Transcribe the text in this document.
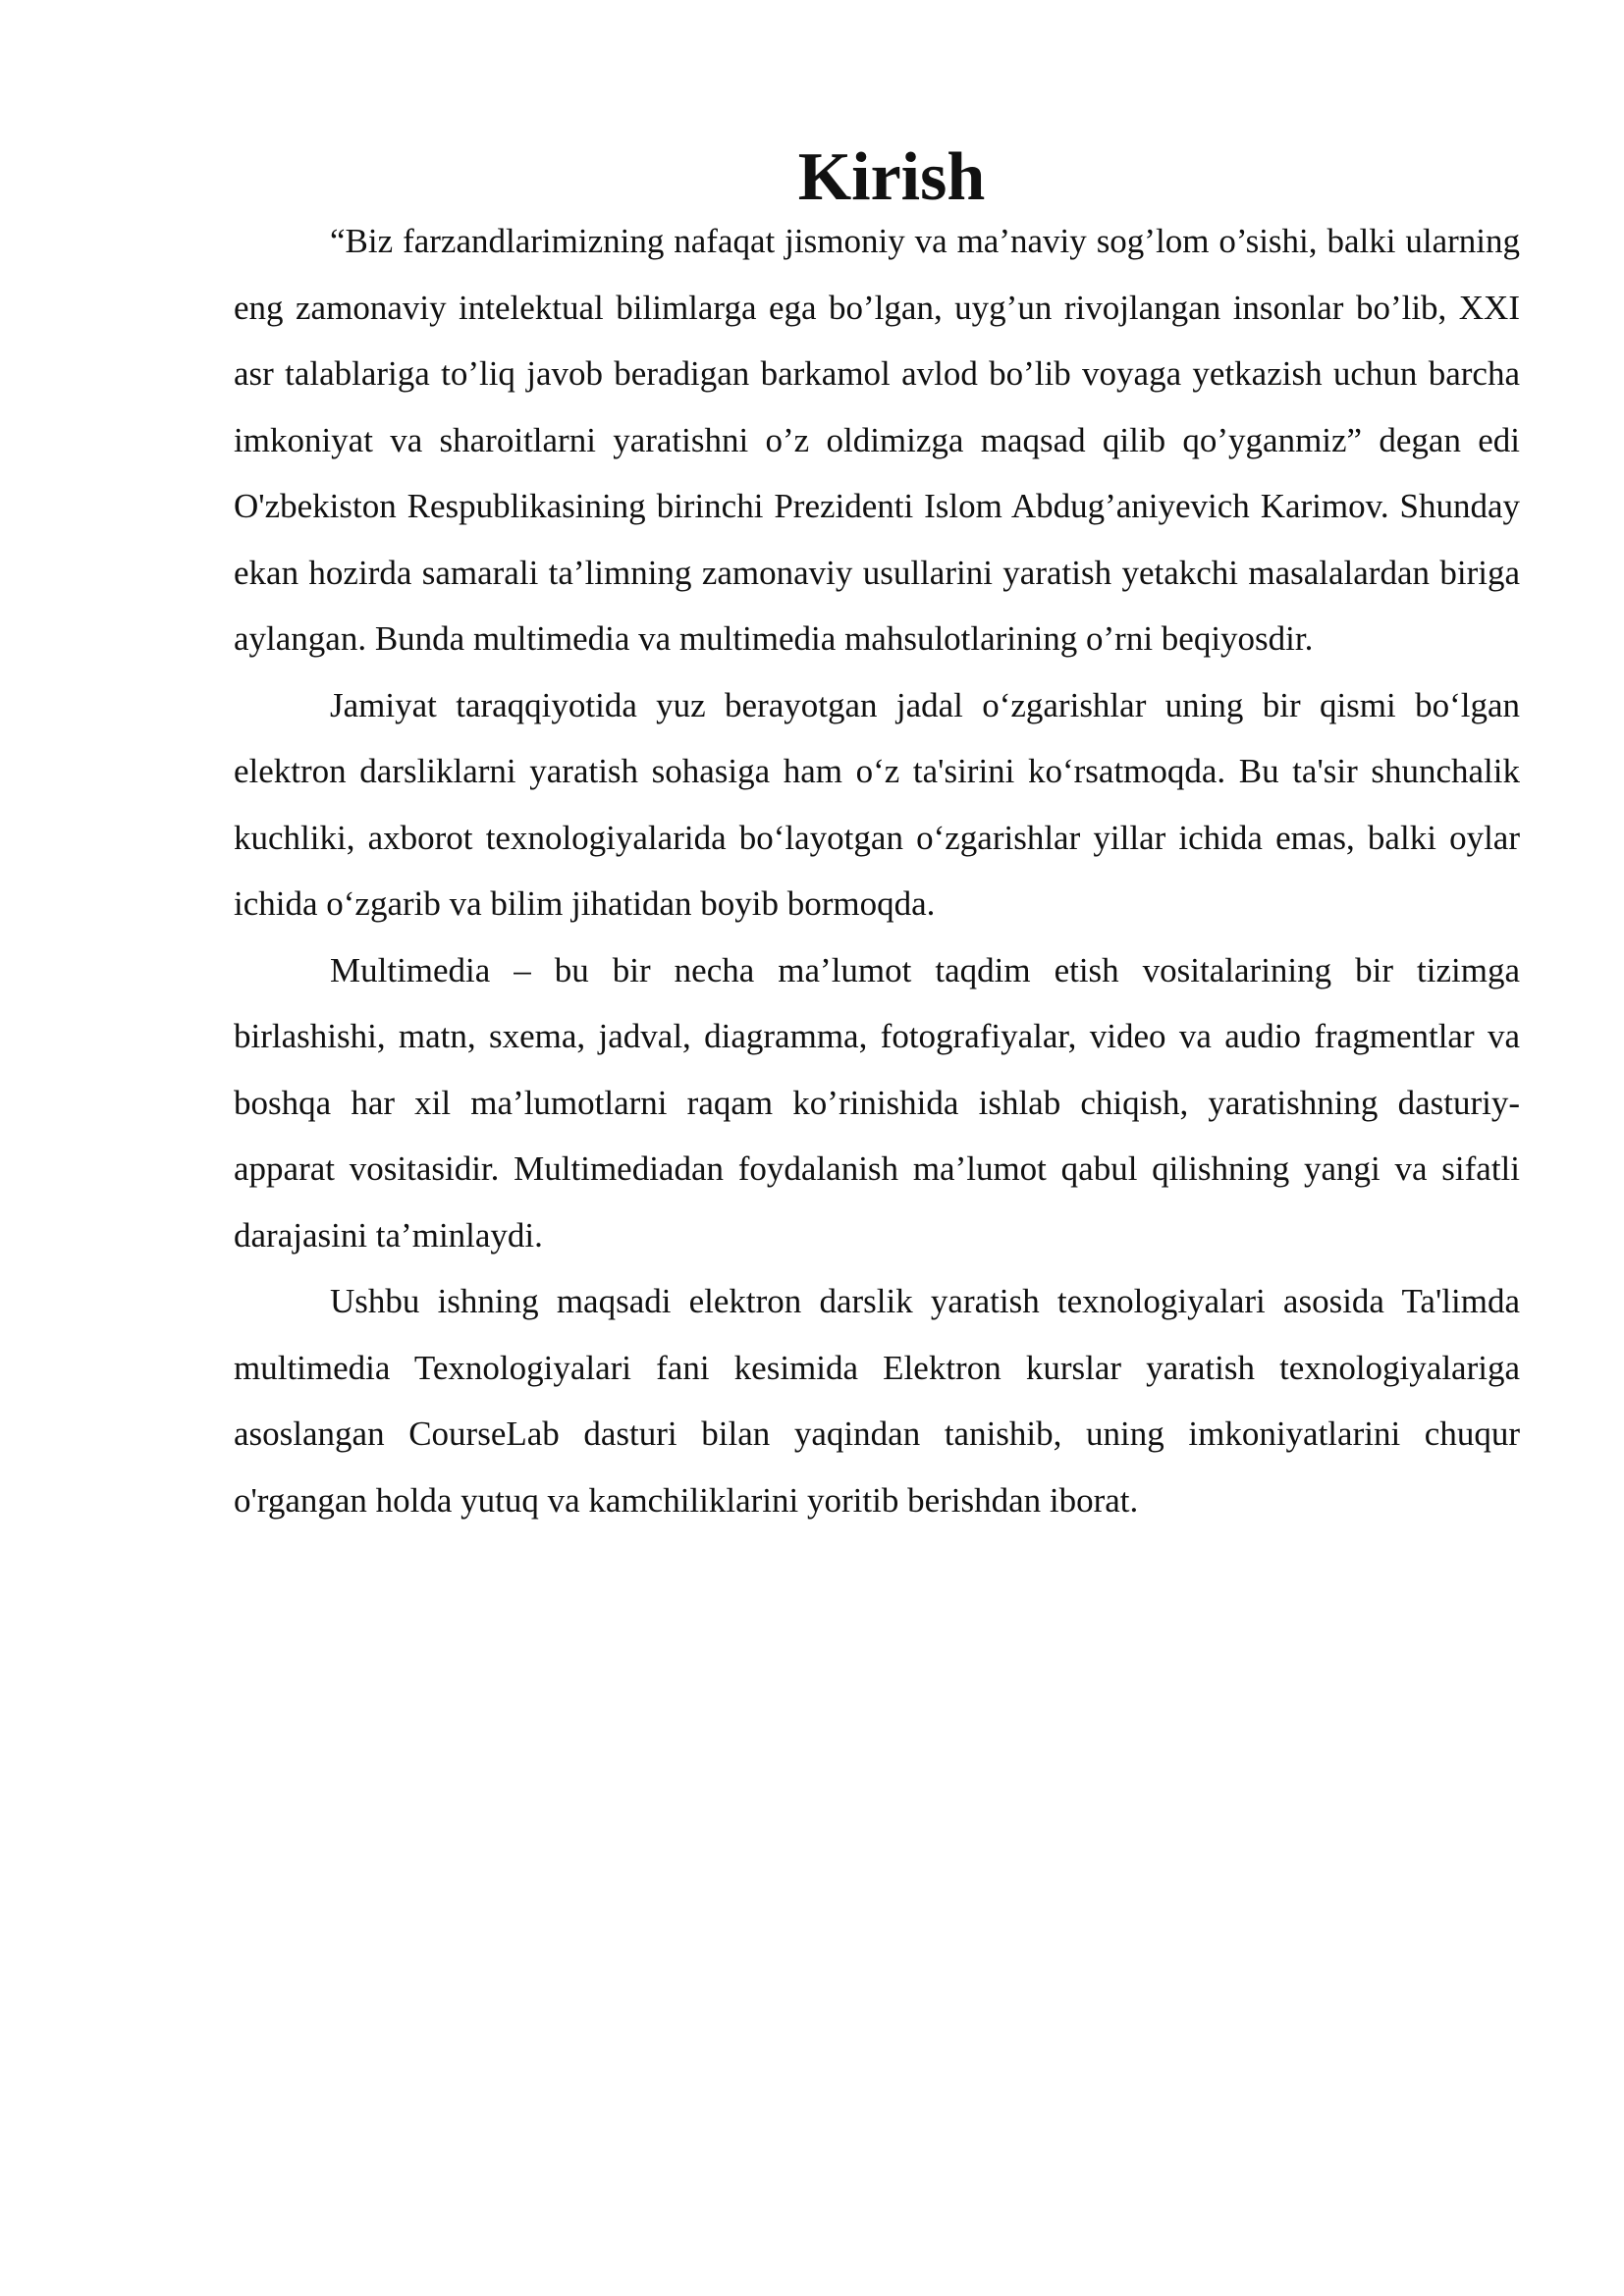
Kirish

“Biz farzandlarimizning nafaqat jismoniy va ma’naviy sog’lom o’sishi, balki ularning eng zamonaviy intelektual bilimlarga ega bo’lgan, uyg’un rivojlangan insonlar bo’lib, XXI asr talablariga to’liq javob beradigan barkamol avlod bo’lib voyaga yetkazish uchun barcha imkoniyat va sharoitlarni yaratishni o’z oldimizga maqsad qilib qo’yganmiz” degan edi O'zbekiston Respublikasining birinchi Prezidenti Islom Abdug’aniyevich Karimov. Shunday ekan hozirda samarali ta’limning zamonaviy usullarini yaratish yetakchi masalalardan biriga aylangan. Bunda multimedia va multimedia mahsulotlarining o’rni beqiyosdir.

Jamiyat taraqqiyotida yuz berayotgan jadal o‘zgarishlar uning bir qismi bo‘lgan elektron darsliklarni yaratish sohasiga ham o‘z ta'sirini ko‘rsatmoqda. Bu ta'sir shunchalik kuchliki, axborot texnologiyalarida bo‘layotgan o‘zgarishlar yillar ichida emas, balki oylar ichida o‘zgarib va bilim jihatidan boyib bormoqda.

Multimedia – bu bir necha ma’lumot taqdim etish vositalarining bir tizimga birlashishi, matn, sxema, jadval, diagramma, fotografiyalar, video va audio fragmentlar va boshqa har xil ma’lumotlarni raqam ko’rinishida ishlab chiqish, yaratishning dasturiy-apparat vositasidir. Multimediadan foydalanish ma’lumot qabul qilishning yangi va sifatli darajasini ta’minlaydi.

Ushbu ishning maqsadi elektron darslik yaratish texnologiyalari asosida Ta'limda multimedia Texnologiyalari fani kesimida Elektron kurslar yaratish texnologiyalariga asoslangan CourseLab dasturi bilan yaqindan tanishib, uning imkoniyatlarini chuqur o'rgangan holda yutuq va kamchiliklarini yoritib berishdan iborat.
